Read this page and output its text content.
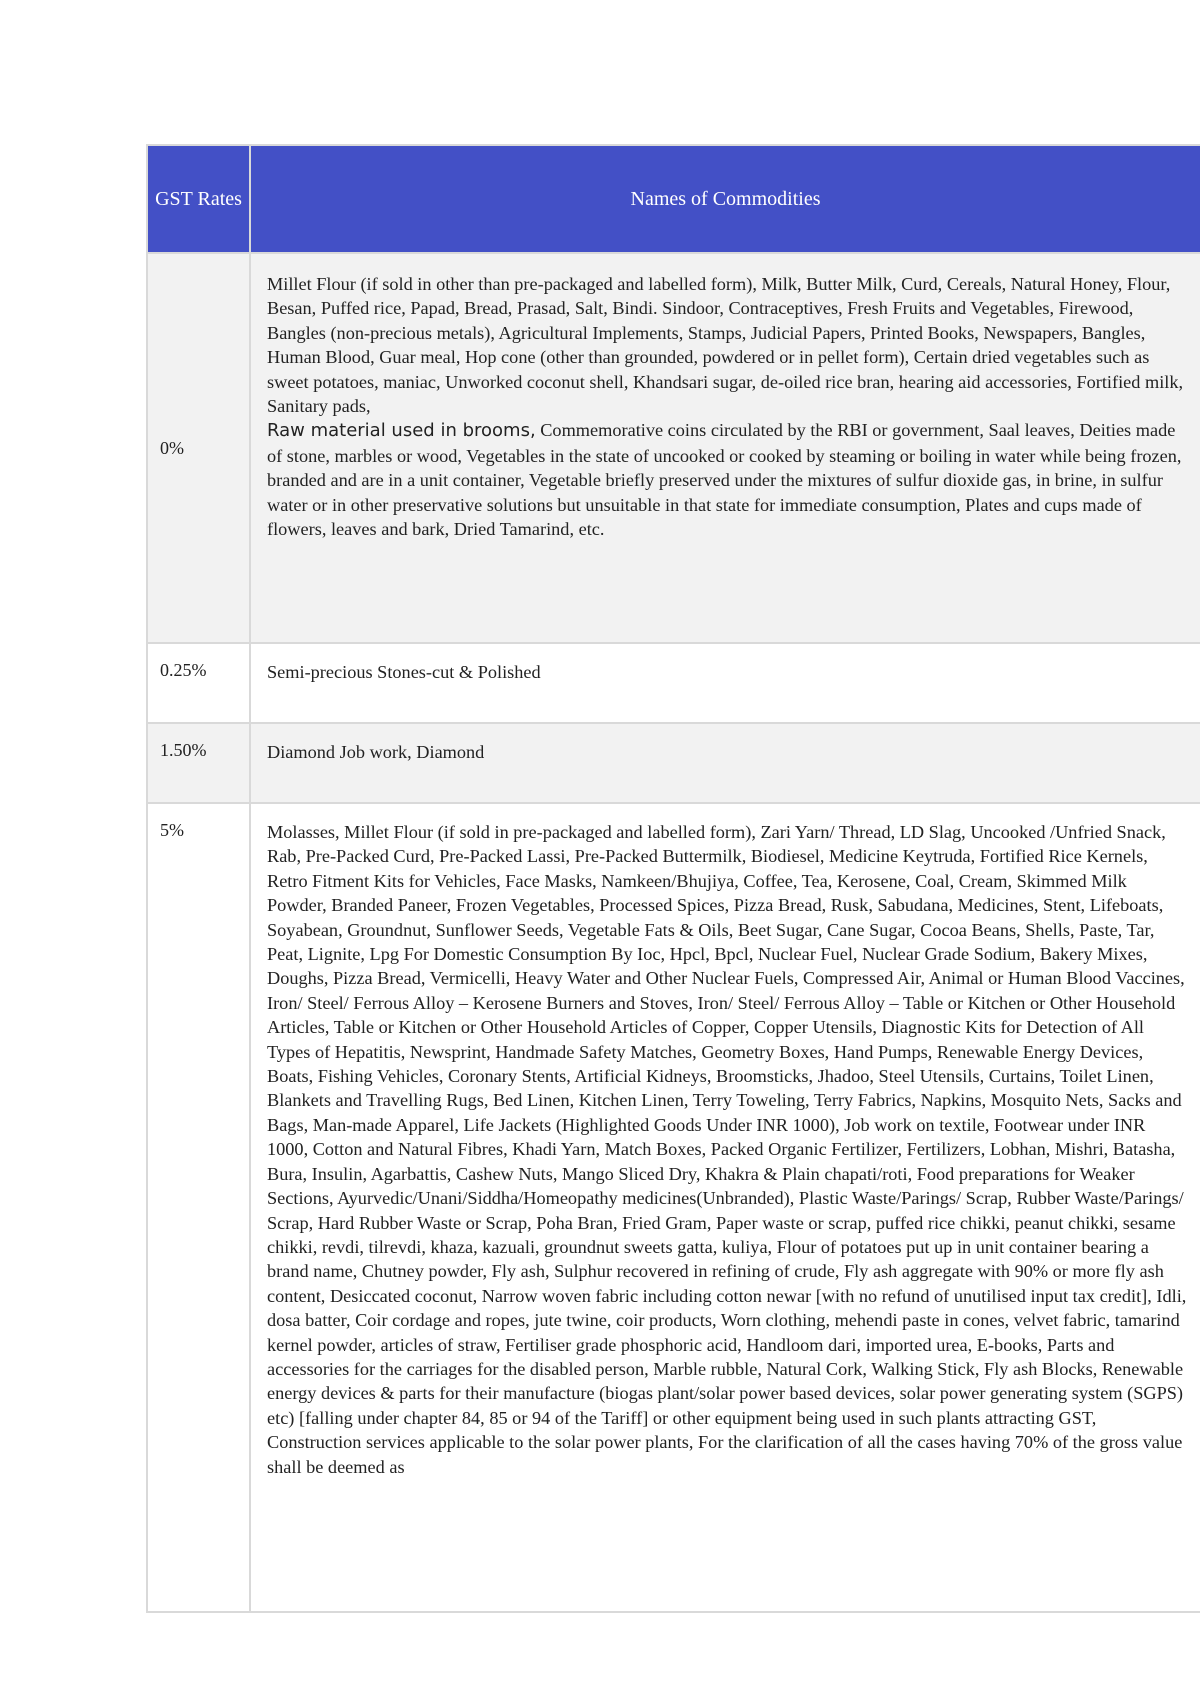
GST Rates	Names of Commodities
0%	Millet Flour (if sold in other than pre-packaged and labelled form), Milk, Butter Milk, Curd, Cereals, Natural Honey, Flour, Besan, Puffed rice, Papad, Bread, Prasad, Salt, Bindi. Sindoor, Contraceptives, Fresh Fruits and Vegetables, Firewood, Bangles (non-precious metals), Agricultural Implements, Stamps, Judicial Papers, Printed Books, Newspapers, Bangles, Human Blood, Guar meal, Hop cone (other than grounded, powdered or in pellet form), Certain dried vegetables such as sweet potatoes, maniac, Unworked coconut shell, Khandsari sugar, de-oiled rice bran, hearing aid accessories, Fortified milk, Sanitary pads,
Raw material used in brooms, Commemorative coins circulated by the RBI or government, Saal leaves, Deities made of stone, marbles or wood, Vegetables in the state of uncooked or cooked by steaming or boiling in water while being frozen, branded and are in a unit container, Vegetable briefly preserved under the mixtures of sulfur dioxide gas, in brine, in sulfur water or in other preservative solutions but unsuitable in that state for immediate consumption, Plates and cups made of flowers, leaves and bark, Dried Tamarind, etc.
0.25%	Semi-precious Stones-cut & Polished
1.50%	Diamond Job work, Diamond
5%	Molasses, Millet Flour (if sold in pre-packaged and labelled form), Zari Yarn/ Thread, LD Slag, Uncooked /Unfried Snack, Rab, Pre-Packed Curd, Pre-Packed Lassi, Pre-Packed Buttermilk, Biodiesel, Medicine Keytruda, Fortified Rice Kernels, Retro Fitment Kits for Vehicles, Face Masks, Namkeen/Bhujiya, Coffee, Tea, Kerosene, Coal, Cream, Skimmed Milk Powder, Branded Paneer, Frozen Vegetables, Processed Spices, Pizza Bread, Rusk, Sabudana, Medicines, Stent, Lifeboats, Soyabean, Groundnut, Sunflower Seeds, Vegetable Fats & Oils, Beet Sugar, Cane Sugar, Cocoa Beans, Shells, Paste, Tar, Peat, Lignite, Lpg For Domestic Consumption By Ioc, Hpcl, Bpcl, Nuclear Fuel, Nuclear Grade Sodium, Bakery Mixes, Doughs, Pizza Bread, Vermicelli, Heavy Water and Other Nuclear Fuels, Compressed Air, Animal or Human Blood Vaccines, Iron/ Steel/ Ferrous Alloy – Kerosene Burners and Stoves, Iron/ Steel/ Ferrous Alloy – Table or Kitchen or Other Household Articles, Table or Kitchen or Other Household Articles of Copper, Copper Utensils, Diagnostic Kits for Detection of All Types of Hepatitis, Newsprint, Handmade Safety Matches, Geometry Boxes, Hand Pumps, Renewable Energy Devices, Boats, Fishing Vehicles, Coronary Stents, Artificial Kidneys, Broomsticks, Jhadoo, Steel Utensils, Curtains, Toilet Linen, Blankets and Travelling Rugs, Bed Linen, Kitchen Linen, Terry Toweling, Terry Fabrics, Napkins, Mosquito Nets, Sacks and Bags, Man-made Apparel, Life Jackets (Highlighted Goods Under INR 1000), Job work on textile, Footwear under INR 1000, Cotton and Natural Fibres, Khadi Yarn, Match Boxes, Packed Organic Fertilizer, Fertilizers, Lobhan, Mishri, Batasha, Bura, Insulin, Agarbattis, Cashew Nuts, Mango Sliced Dry, Khakra & Plain chapati/roti, Food preparations for Weaker Sections, Ayurvedic/Unani/Siddha/Homeopathy medicines(Unbranded), Plastic Waste/Parings/ Scrap, Rubber Waste/Parings/ Scrap, Hard Rubber Waste or Scrap, Poha Bran, Fried Gram, Paper waste or scrap, puffed rice chikki, peanut chikki, sesame chikki, revdi, tilrevdi, khaza, kazuali, groundnut sweets gatta, kuliya, Flour of potatoes put up in unit container bearing a brand name, Chutney powder, Fly ash, Sulphur recovered in refining of crude, Fly ash aggregate with 90% or more fly ash content, Desiccated coconut, Narrow woven fabric including cotton newar [with no refund of unutilised input tax credit], Idli, dosa batter, Coir cordage and ropes, jute twine, coir products, Worn clothing, mehendi paste in cones, velvet fabric, tamarind kernel powder, articles of straw, Fertiliser grade phosphoric acid, Handloom dari, imported urea, E-books, Parts and accessories for the carriages for the disabled person, Marble rubble, Natural Cork, Walking Stick, Fly ash Blocks, Renewable energy devices & parts for their manufacture (biogas plant/solar power based devices, solar power generating system (SGPS) etc) [falling under chapter 84, 85 or 94 of the Tariff] or other equipment being used in such plants attracting GST, Construction services applicable to the solar power plants, For the clarification of all the cases having 70% of the gross value shall be deemed as
